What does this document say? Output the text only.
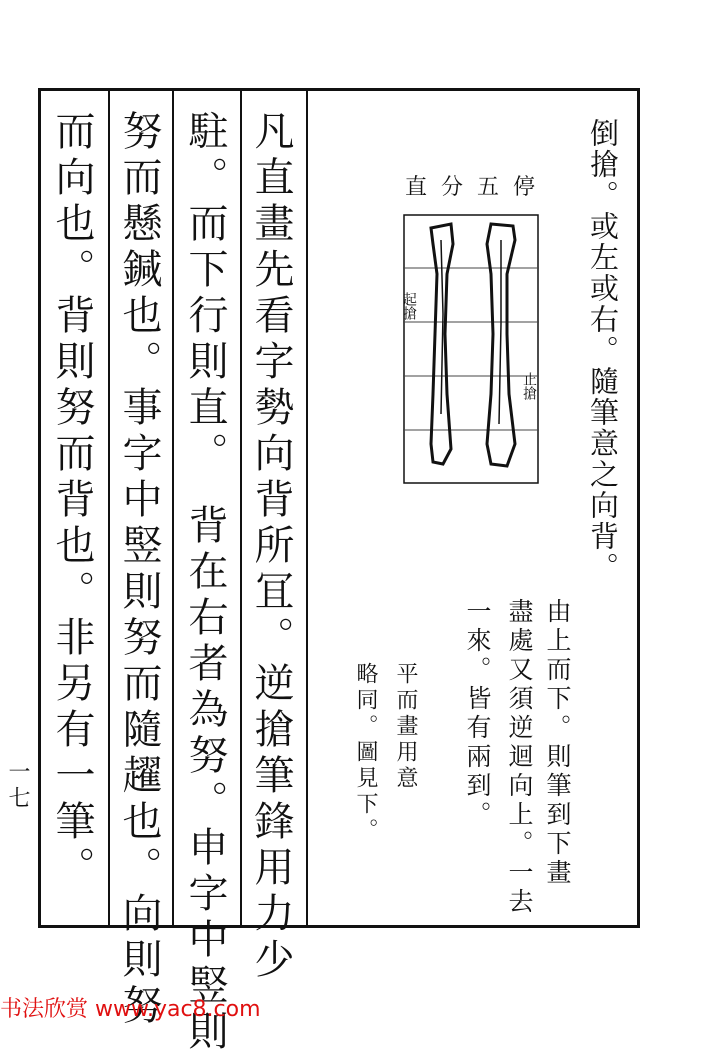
凡直畫先看字勢向背所冝。逆搶筆鋒用力少
駐。而下行則直。　背在右者為努。申字中竪則
努而懸鍼也。事字中竪則努而隨趯也。向則努
而向也。背則努而背也。非另有一筆。	倒搶。或左或右。隨筆意之向背。
直分五停
起搶
止搶
由上而下。則筆到下畫
盡處又須逆迴向上。一去
一來。皆有兩到。
平而畫用意
略同。圖見下。
一七
书法欣赏 www.yac8.com
